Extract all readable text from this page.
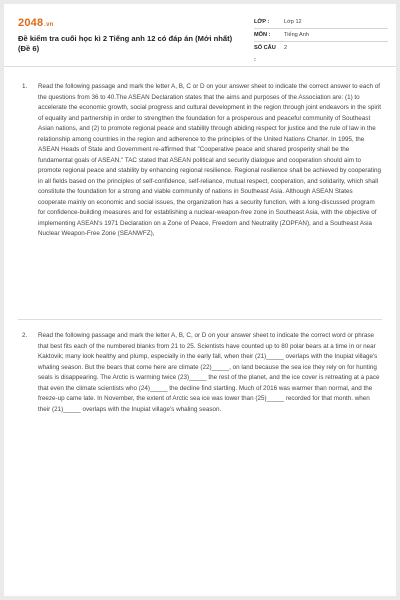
2048.vn
Đề kiểm tra cuối học kì 2 Tiếng anh 12 có đáp án (Mới nhất) (Đề 6)
LỚP :	Lớp 12
MÔN :	Tiếng Anh
SỐ CÂU :
2
1. Read the following passage and mark the letter A, B, C or D on your answer sheet to indicate the correct answer to each of the questions from 36 to 40.The ASEAN Declaration states that the aims and purposes of the Association are: (1) to accelerate the economic growth, social progress and cultural development in the region through joint endeavors in the spirit of equality and partnership in order to strengthen the foundation for a prosperous and peaceful community of Southeast Asian nations, and (2) to promote regional peace and stability through abiding respect for justice and the rule of law in the relationship among countries in the region and adherence to the principles of the United Nations Charter. In 1995, the ASEAN Heads of State and Government re-affirmed that "Cooperative peace and shared prosperity shall be the fundamental goals of ASEAN." TAC stated that ASEAN political and security dialogue and cooperation should aim to promote regional peace and stability by enhancing regional resilience. Regional resilience shall be achieved by cooperating in all fields based on the principles of self-confidence, self-reliance, mutual respect, cooperation, and solidarity, which shall constitute the foundation for a strong and viable community of nations in Southeast Asia. Although ASEAN States cooperate mainly on economic and social issues, the organization has a security function, with a long-discussed program for confidence-building measures and for establishing a nuclear-weapon-free zone in Southeast Asia, with the objective of implementing ASEAN's 1971 Declaration on a Zone of Peace, Freedom and Neutrality (ZOPFAN), and a Southeast Asia Nuclear Weapon-Free Zone (SEANWFZ),

2. Read the following passage and mark the letter A, B, C, or D on your answer sheet to indicate the correct word or phrase that best fits each of the numbered blanks from 21 to 25. Scientists have counted up to 80 polar bears at a time in or near Kaktovik; many look healthy and plump, especially in the early fall, when their (21)_____ overlaps with the Inupiat village's whaling season. But the bears that come here are climate (22)_____, on land because the sea ice they rely on for hunting seals is disappearing. The Arctic is warming twice (23)_____ the rest of the planet, and the ice cover is retreating at a pace that even the climate scientists who (24)_____ the decline find startling. Much of 2016 was warmer than normal, and the freeze-up came late. In November, the extent of Arctic sea ice was lower than (25)_____ recorded for that month. when their (21)_____ overlaps with the Inupiat village's whaling season.
